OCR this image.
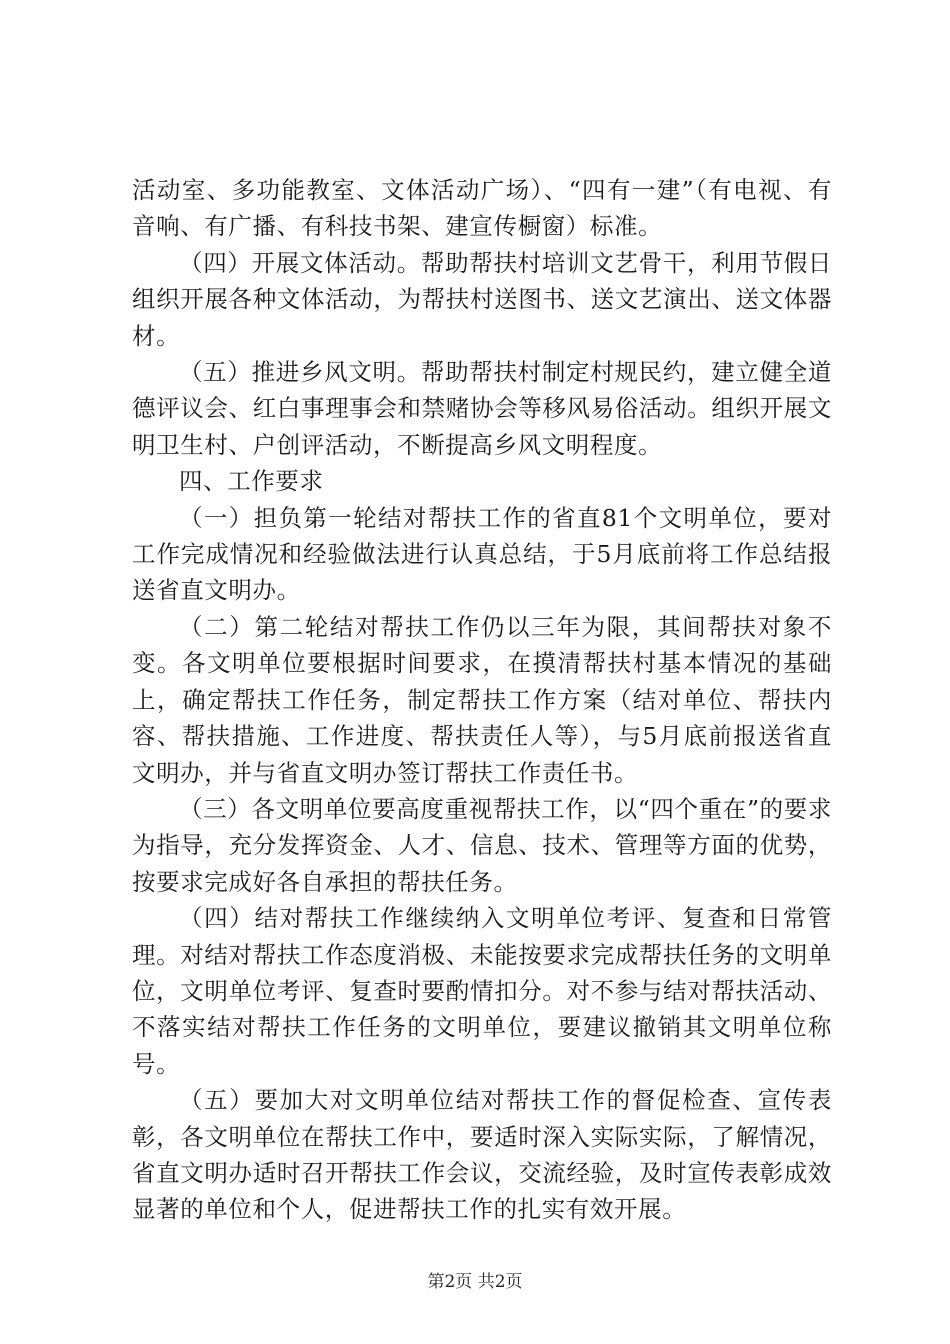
活动室、多功能教室、文体活动广场）、“四有一建”（有电视、有音响、有广播、有科技书架、建宣传橱窗）标准。

（四）开展文体活动。帮助帮扶村培训文艺骨干，利用节假日组织开展各种文体活动，为帮扶村送图书、送文艺演出、送文体器材。

（五）推进乡风文明。帮助帮扶村制定村规民约，建立健全道德评议会、红白事理事会和禁赌协会等移风易俗活动。组织开展文明卫生村、户创评活动，不断提高乡风文明程度。

四、工作要求

（一）担负第一轮结对帮扶工作的省直81个文明单位，要对工作完成情况和经验做法进行认真总结，于5月底前将工作总结报送省直文明办。

（二）第二轮结对帮扶工作仍以三年为限，其间帮扶对象不变。各文明单位要根据时间要求，在摸清帮扶村基本情况的基础上，确定帮扶工作任务，制定帮扶工作方案（结对单位、帮扶内容、帮扶措施、工作进度、帮扶责任人等），与5月底前报送省直文明办，并与省直文明办签订帮扶工作责任书。

（三）各文明单位要高度重视帮扶工作，以“四个重在”的要求为指导，充分发挥资金、人才、信息、技术、管理等方面的优势，按要求完成好各自承担的帮扶任务。

（四）结对帮扶工作继续纳入文明单位考评、复查和日常管理。对结对帮扶工作态度消极、未能按要求完成帮扶任务的文明单位，文明单位考评、复查时要酌情扣分。对不参与结对帮扶活动、不落实结对帮扶工作任务的文明单位，要建议撤销其文明单位称号。

（五）要加大对文明单位结对帮扶工作的督促检查、宣传表彰，各文明单位在帮扶工作中，要适时深入实际实际，了解情况，省直文明办适时召开帮扶工作会议，交流经验，及时宣传表彰成效显著的单位和个人，促进帮扶工作的扎实有效开展。

第2页 共2页
